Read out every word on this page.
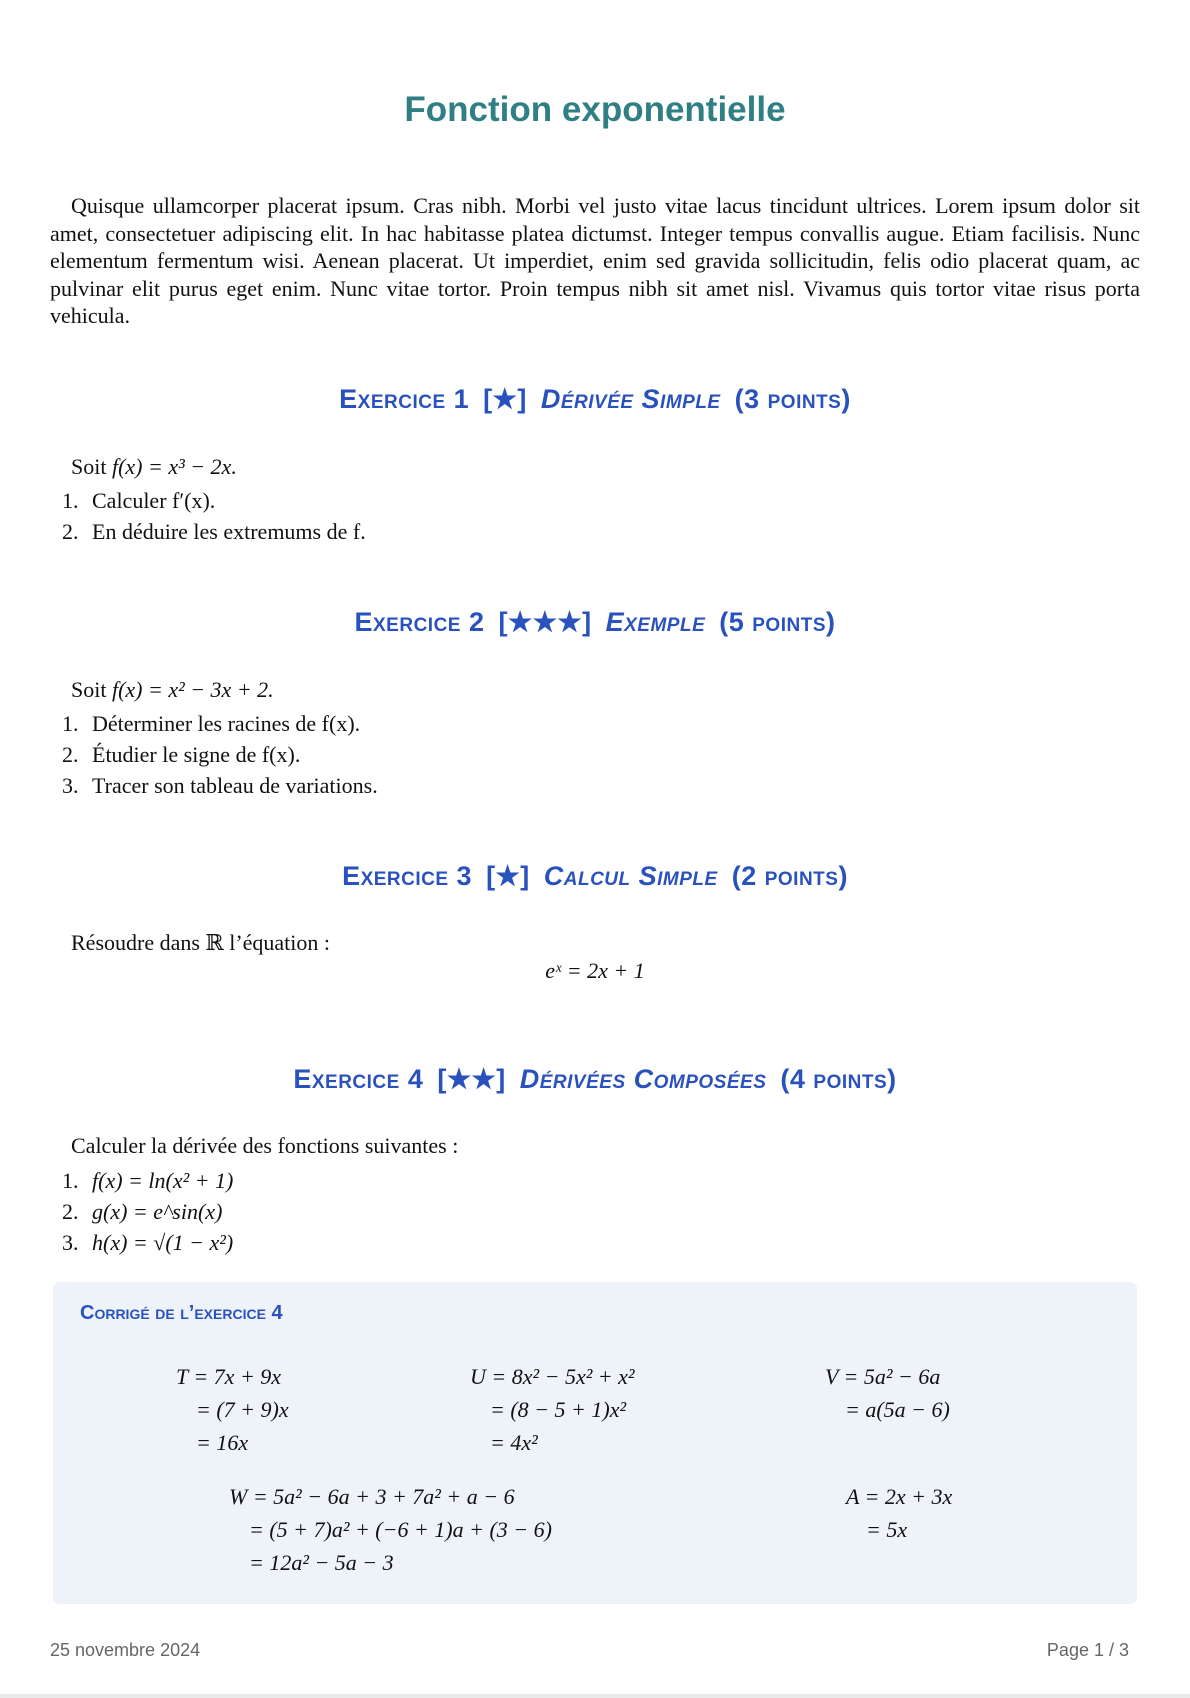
Fonction exponentielle
Quisque ullamcorper placerat ipsum. Cras nibh. Morbi vel justo vitae lacus tincidunt ultrices. Lorem ipsum dolor sit amet, consectetuer adipiscing elit. In hac habitasse platea dictumst. Integer tempus convallis augue. Etiam facilisis. Nunc elementum fermentum wisi. Aenean placerat. Ut imperdiet, enim sed gravida sollicitudin, felis odio placerat quam, ac pulvinar elit purus eget enim. Nunc vitae tortor. Proin tempus nibh sit amet nisl. Vivamus quis tortor vitae risus porta vehicula.
Exercice 1 [★] Dérivée Simple (3 points)
Soit f(x) = x³ − 2x.
1. Calculer f′(x).
2. En déduire les extremums de f.
Exercice 2 [★★★] Exemple (5 points)
Soit f(x) = x² − 3x + 2.
1. Déterminer les racines de f(x).
2. Étudier le signe de f(x).
3. Tracer son tableau de variations.
Exercice 3 [★] Calcul Simple (2 points)
Résoudre dans ℝ l’équation :
eˣ = 2x + 1
Exercice 4 [★★] Dérivées Composées (4 points)
Calculer la dérivée des fonctions suivantes :
1. f(x) = ln(x² + 1)
2. g(x) = e^sin(x)
3. h(x) = √(1 − x²)
Corrigé de l’exercice 4
T = 7x + 9x
= (7 + 9)x
= 16x
U = 8x² − 5x² + x²
= (8 − 5 + 1)x²
= 4x²
V = 5a² − 6a
= a(5a − 6)
W = 5a² − 6a + 3 + 7a² + a − 6
= (5 + 7)a² + (−6 + 1)a + (3 − 6)
= 12a² − 5a − 3
A = 2x + 3x
= 5x
25 novembre 2024	Page 1 / 3
